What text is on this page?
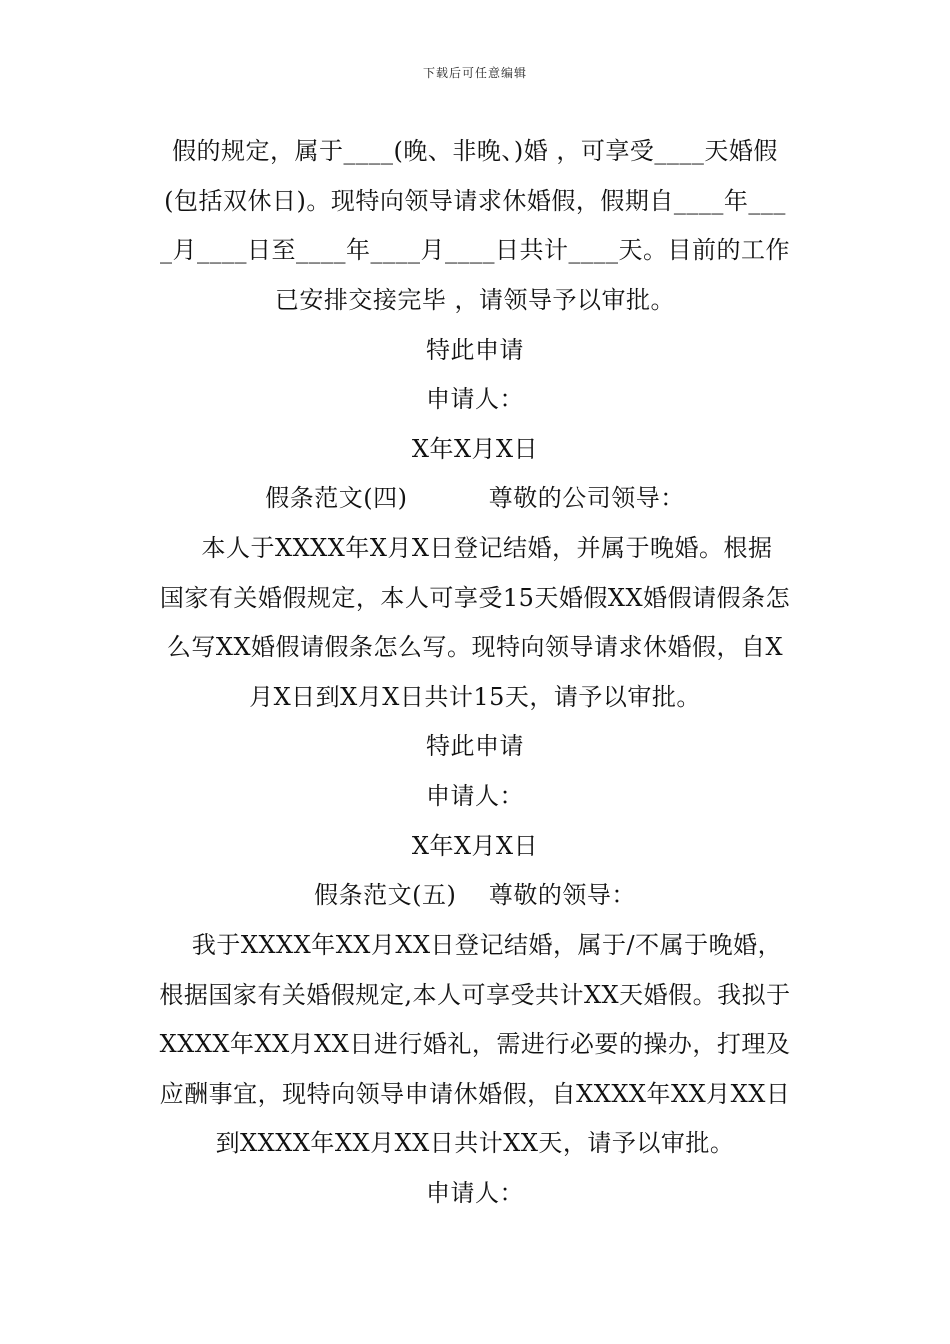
下载后可任意编辑
假的规定，属于____(晚、非晚、)婚 ，可享受____天婚假
(包括双休日)。现特向领导请求休婚假，假期自____年___
_月____日至____年____月____日共计____天。目前的工作
已安排交接完毕 ，请领导予以审批。
特此申请
申请人：
X年X月X日
假条范文(四)          尊敬的公司领导：
本人于XXXX年X月X日登记结婚，并属于晚婚。根据
国家有关婚假规定，本人可享受15天婚假XX婚假请假条怎
么写XX婚假请假条怎么写。现特向领导请求休婚假，自X
月X日到X月X日共计15天，请予以审批。
特此申请
申请人：
X年X月X日
假条范文(五)    尊敬的领导：
我于XXXX年XX月XX日登记结婚，属于/不属于晚婚，
根据国家有关婚假规定,本人可享受共计XX天婚假。我拟于
XXXX年XX月XX日进行婚礼，需进行必要的操办，打理及
应酬事宜，现特向领导申请休婚假，自XXXX年XX月XX日
到XXXX年XX月XX日共计XX天，请予以审批。
申请人：
